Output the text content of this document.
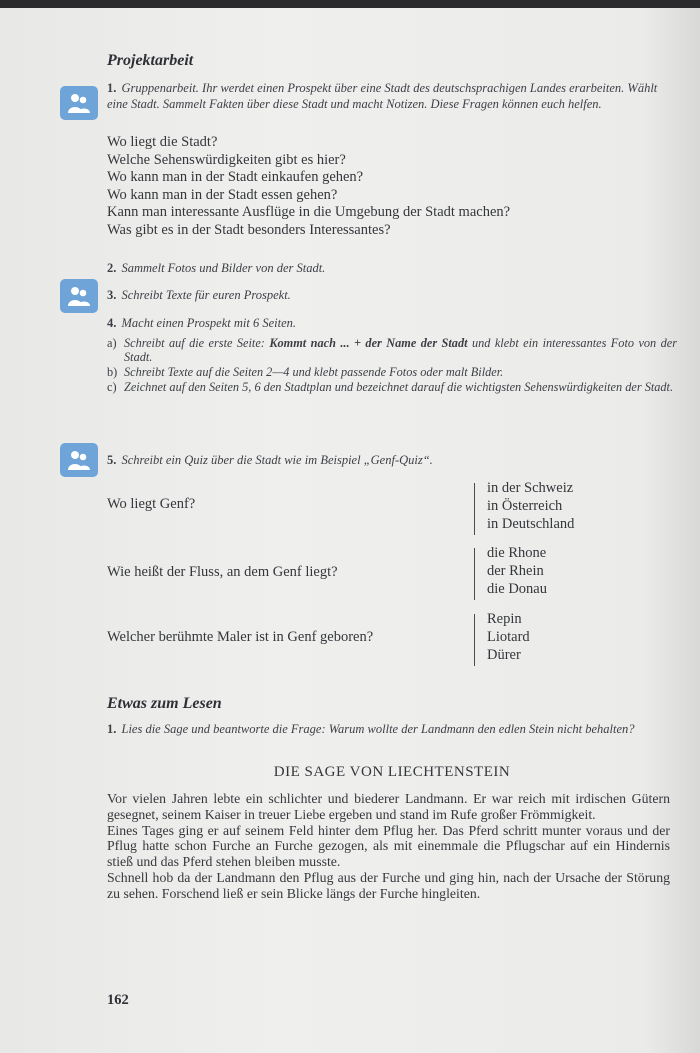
Projektarbeit
1. Gruppenarbeit. Ihr werdet einen Prospekt über eine Stadt des deutschsprachigen Landes erarbeiten. Wählt eine Stadt. Sammelt Fakten über diese Stadt und macht Notizen. Diese Fragen können euch helfen.
Wo liegt die Stadt?
Welche Sehenswürdigkeiten gibt es hier?
Wo kann man in der Stadt einkaufen gehen?
Wo kann man in der Stadt essen gehen?
Kann man interessante Ausflüge in die Umgebung der Stadt machen?
Was gibt es in der Stadt besonders Interessantes?
2. Sammelt Fotos und Bilder von der Stadt.
3. Schreibt Texte für euren Prospekt.
4. Macht einen Prospekt mit 6 Seiten.
a) Schreibt auf die erste Seite: Kommt nach ... + der Name der Stadt und klebt ein interessantes Foto von der Stadt.
b) Schreibt Texte auf die Seiten 2—4 und klebt passende Fotos oder malt Bilder.
c) Zeichnet auf den Seiten 5, 6 den Stadtplan und bezeichnet darauf die wichtigsten Sehenswürdigkeiten der Stadt.
5. Schreibt ein Quiz über die Stadt wie im Beispiel „Genf-Quiz“.
Wo liegt Genf?
in der Schweiz
in Österreich
in Deutschland
Wie heißt der Fluss, an dem Genf liegt?
die Rhone
der Rhein
die Donau
Welcher berühmte Maler ist in Genf geboren?
Repin
Liotard
Dürer
Etwas zum Lesen
1. Lies die Sage und beantworte die Frage: Warum wollte der Landmann den edlen Stein nicht behalten?
DIE SAGE VON LIECHTENSTEIN

Vor vielen Jahren lebte ein schlichter und biederer Landmann. Er war reich mit irdischen Gütern gesegnet, seinem Kaiser in treuer Liebe ergeben und stand im Rufe großer Frömmigkeit.

Eines Tages ging er auf seinem Feld hinter dem Pflug her. Das Pferd schritt munter voraus und der Pflug hatte schon Furche an Furche gezogen, als mit einemmale die Pflugschar auf ein Hindernis stieß und das Pferd stehen bleiben musste.

Schnell hob da der Landmann den Pflug aus der Furche und ging hin, nach der Ursache der Störung zu sehen. Forschend ließ er sein Blicke längs der Furche hingleiten.

162
